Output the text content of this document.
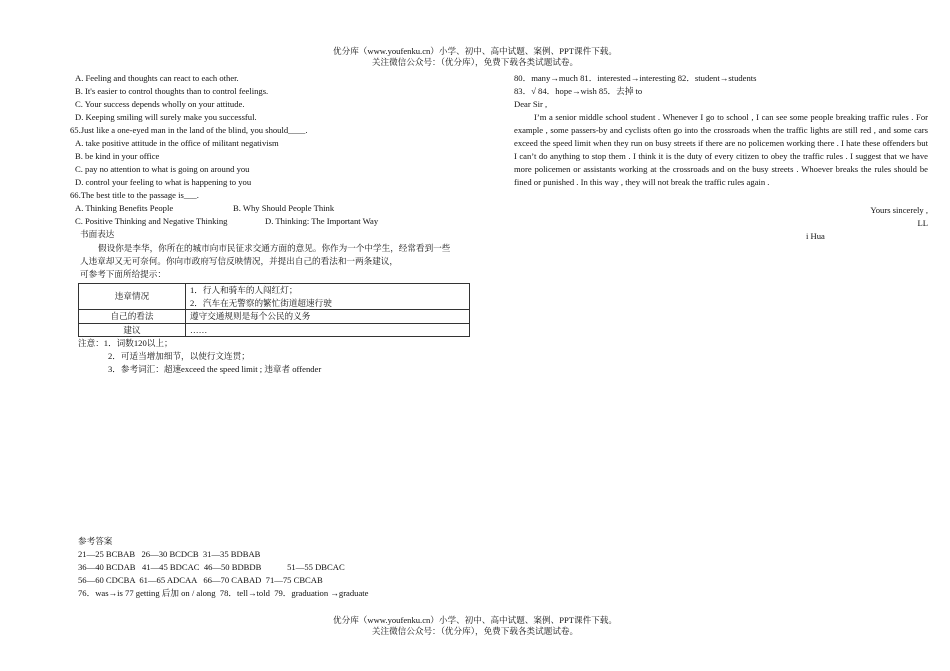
优分库（www.youfenku.cn）小学、初中、高中试题、案例、PPT课件下载。
关注微信公众号：（优分库），免费下载各类试题试卷。
A. Feeling and thoughts can react to each other.
B. It's easier to control thoughts than to control feelings.
C. Your success depends wholly on your attitude.
D. Keeping smiling will surely make you successful.
65.Just like a one-eyed man in the land of the blind, you should____.
A. take positive attitude in the office of militant negativism
B. be kind in your office
C. pay no attention to what is going on around you
D. control your feeling to what is happening to you
66.The best title to the passage is___.
A. Thinking Benefits People	B. Why Should People Think
C. Positive Thinking and Negative Thinking	D. Thinking: The Important Way
书面表达
假设你是李华，你所在的城市向市民征求交通方面的意见。你作为一个中学生，经常看到一些
人违章却又无可奈何。你向市政府写信反映情况，并提出自己的看法和一两条建议，
可参考下面所给提示：
违章情况	1．行人和骑车的人闯红灯；
2．汽车在无警察的繁忙街道超速行驶

自己的看法	遵守交通规则是每个公民的义务
建议	……
注意：1．词数120以上；
2．可适当增加细节，以使行文连贯；
3．参考词汇：超速exceed the speed limit ; 违章者 offender
参考答案
21—25 BCBAB   26—30 BCDCB  31—35 BDBAB
36—40 BCDAB   41—45 BDCAC  46—50 BDBDB            51—55 DBCAC
56—60 CDCBA  61—65 ADCAA   66—70 CABAD  71—75 CBCAB
76．was→is 77 getting 后加 on / along  78．tell→told  79．graduation →graduate
80．many→much 81．interested→interesting 82．student→students
83．√ 84．hope→wish 85．去掉 to
Dear Sir ,
I’m a senior middle school student . Whenever I go to school , I can see some people breaking traffic rules . For example , some passers-by and cyclists often go into the crossroads when the traffic lights are still red , and some cars exceed the speed limit when they run on busy streets if there are no policemen working there . I hate these offenders but I can’t do anything to stop them . I think it is the duty of every citizen to obey the traffic rules . I suggest that we have more policemen or assistants working at the crossroads and on the busy streets . Whoever breaks the rules should be fined or punished . In this way , they will not break the traffic rules again .
Yours sincerely ,
LL
i Hua
优分库（www.youfenku.cn）小学、初中、高中试题、案例、PPT课件下载。
关注微信公众号：（优分库），免费下载各类试题试卷。
